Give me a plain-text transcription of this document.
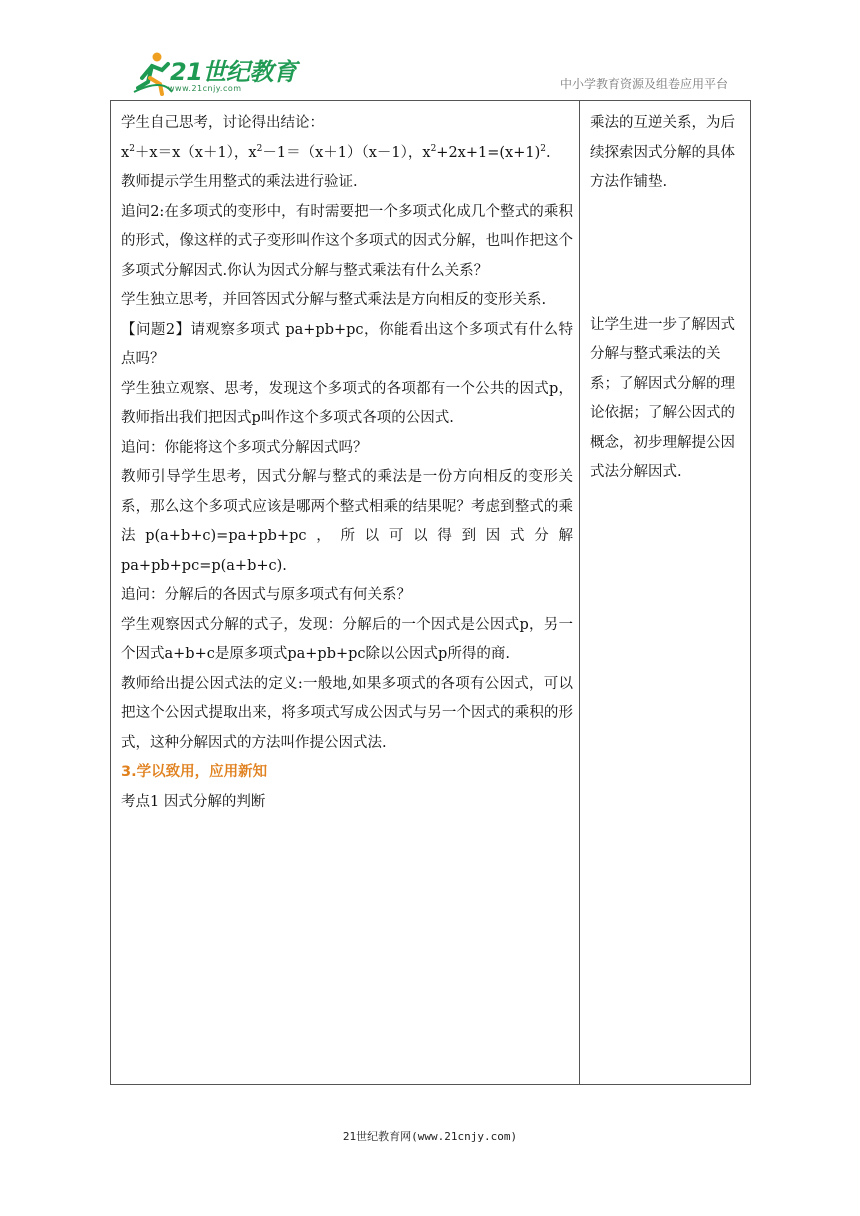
21世纪教育
www.21cnjy.com	中小学教育资源及组卷应用平台

学生自己思考，讨论得出结论：

$x^2+x=x(x+1)$，$x^2-1=(x+1)(x-1)$，$x^2+2x+1=(x+1)^2$.

教师提示学生用整式的乘法进行验证.

追问2:在多项式的变形中，有时需要把一个多项式化成几个整式的乘积的形式，像这样的式子变形叫作这个多项式的因式分解，也叫作把这个多项式分解因式.你认为因式分解与整式乘法有什么关系？

学生独立思考，并回答因式分解与整式乘法是方向相反的变形关系.

【问题2】请观察多项式 pa+pb+pc，你能看出这个多项式有什么特点吗？

学生独立观察、思考，发现这个多项式的各项都有一个公共的因式p，教师指出我们把因式p叫作这个多项式各项的公因式.

追问：你能将这个多项式分解因式吗？

教师引导学生思考，因式分解与整式的乘法是一份方向相反的变形关系，那么这个多项式应该是哪两个整式相乘的结果呢？考虑到整式的乘法p(a+b+c)=pa+pb+pc，所以可以得到因式分解 pa+pb+pc=p(a+b+c).

追问：分解后的各因式与原多项式有何关系？

学生观察因式分解的式子，发现：分解后的一个因式是公因式p，另一个因式a+b+c是原多项式pa+pb+pc除以公因式p所得的商.

教师给出提公因式法的定义:一般地,如果多项式的各项有公因式，可以把这个公因式提取出来，将多项式写成公因式与另一个因式的乘积的形式，这种分解因式的方法叫作提公因式法.

3.学以致用，应用新知

考点1 因式分解的判断

乘法的互逆关系，为后续探索因式分解的具体方法作铺垫.

让学生进一步了解因式分解与整式乘法的关系；了解因式分解的理论依据；了解公因式的概念，初步理解提公因式法分解因式.

21世纪教育网(www.21cnjy.com)
